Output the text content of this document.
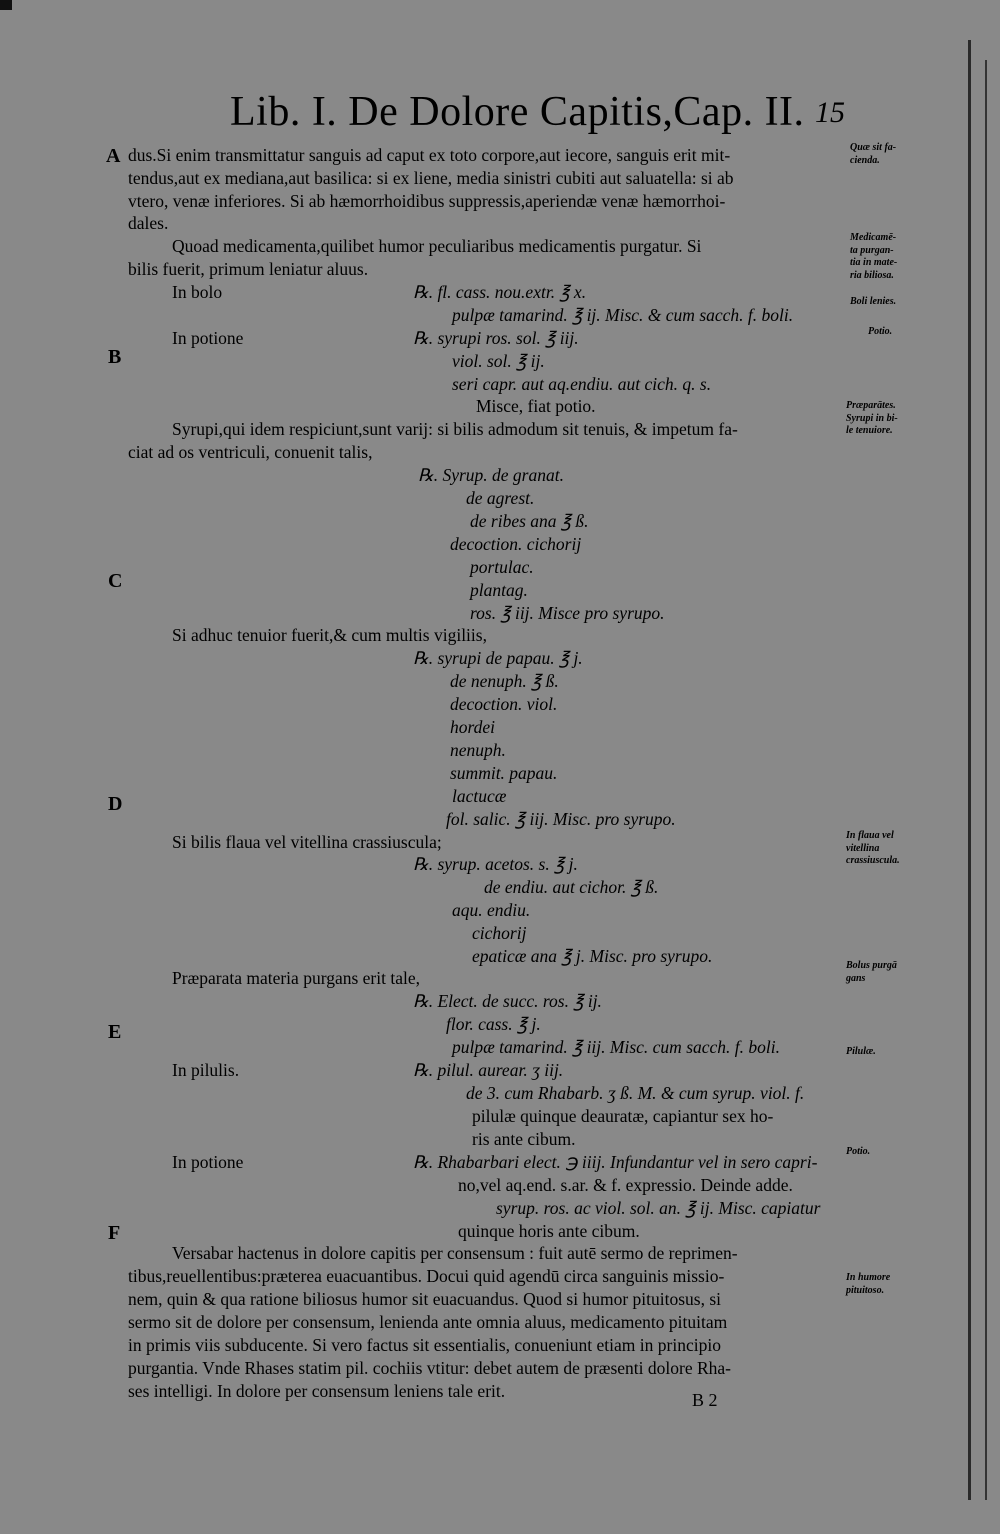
Lib. I. De Dolore Capitis,Cap. II. 15
A
B
C
D
E
F
dus.Si enim transmittatur sanguis ad caput ex toto corpore,aut iecore, sanguis erit mit-
tendus,aut ex mediana,aut basilica: si ex liene, media sinistri cubiti aut saluatella: si ab
vtero, venæ inferiores. Si ab hæmorrhoidibus suppressis,aperiendæ venæ hæmorrhoi-
dales.
Quoad medicamenta,quilibet humor peculiaribus medicamentis purgatur. Si
bilis fuerit, primum leniatur aluus.
In bolo	℞. fl. cass. nou.extr. ℥ x.
pulpæ tamarind. ℥ ij. Misc. & cum sacch. f. boli.
In potione	℞. syrupi ros. sol. ℥ iij.
viol. sol. ℥ ij.
seri capr. aut aq.endiu. aut cich. q. s.
Misce, fiat potio.
Syrupi,qui idem respiciunt,sunt varij: si bilis admodum sit tenuis, & impetum fa-
ciat ad os ventriculi, conuenit talis,
℞. Syrup. de granat.
de agrest.
de ribes ana ℥ ß.
decoction. cichorij
portulac.
plantag.
ros. ℥ iij. Misce pro syrupo.
Si adhuc tenuior fuerit,& cum multis vigiliis,
℞. syrupi de papau. ℥ j.
de nenuph. ℥ ß.
decoction. viol.
hordei
nenuph.
summit. papau.
lactucæ
fol. salic. ℥ iij. Misc. pro syrupo.
Si bilis flaua vel vitellina crassiuscula;
℞. syrup. acetos. s. ℥ j.
de endiu. aut cichor. ℥ ß.
aqu. endiu.
cichorij
epaticæ ana ℥ j. Misc. pro syrupo.
Præparata materia purgans erit tale,
℞. Elect. de succ. ros. ℥ ij.
flor. cass. ℥ j.
pulpæ tamarind. ℥ iij. Misc. cum sacch. f. boli.
In pilulis.	℞. pilul. aurear. ʒ iij.
de 3. cum Rhabarb. ʒ ß. M. & cum syrup. viol. f.
pilulæ quinque deauratæ, capiantur sex ho-
ris ante cibum.
In potione	℞. Rhabarbari elect. ℈ iiij. Infundantur vel in sero capri-
no,vel aq.end. s.ar. & f. expressio. Deinde adde.
syrup. ros. ac viol. sol. an. ℥ ij. Misc. capiatur
quinque horis ante cibum.
Versabar hactenus in dolore capitis per consensum : fuit autē sermo de reprimen-
tibus,reuellentibus:præterea euacuantibus. Docui quid agendū circa sanguinis missio-
nem, quin & qua ratione biliosus humor sit euacuandus. Quod si humor pituitosus, si
sermo sit de dolore per consensum, lenienda ante omnia aluus, medicamento pituitam
in primis viis subducente. Si vero factus sit essentialis, conueniunt etiam in principio
purgantia. Vnde Rhases statim pil. cochiis vtitur: debet autem de præsenti dolore Rha-
ses intelligi. In dolore per consensum leniens tale erit.
Quæ sit fa-
cienda.
Medicamē-
ta purgan-
tia in mate-
ria biliosa.
Boli lenies.
Potio.
Præparātes.
Syrupi in bi-
le tenuiore.
In flaua vel
vitellina
crassiuscula.
Bolus purgā
gans
Pilulæ.
Potio.
In humore
pituitoso.
B 2
